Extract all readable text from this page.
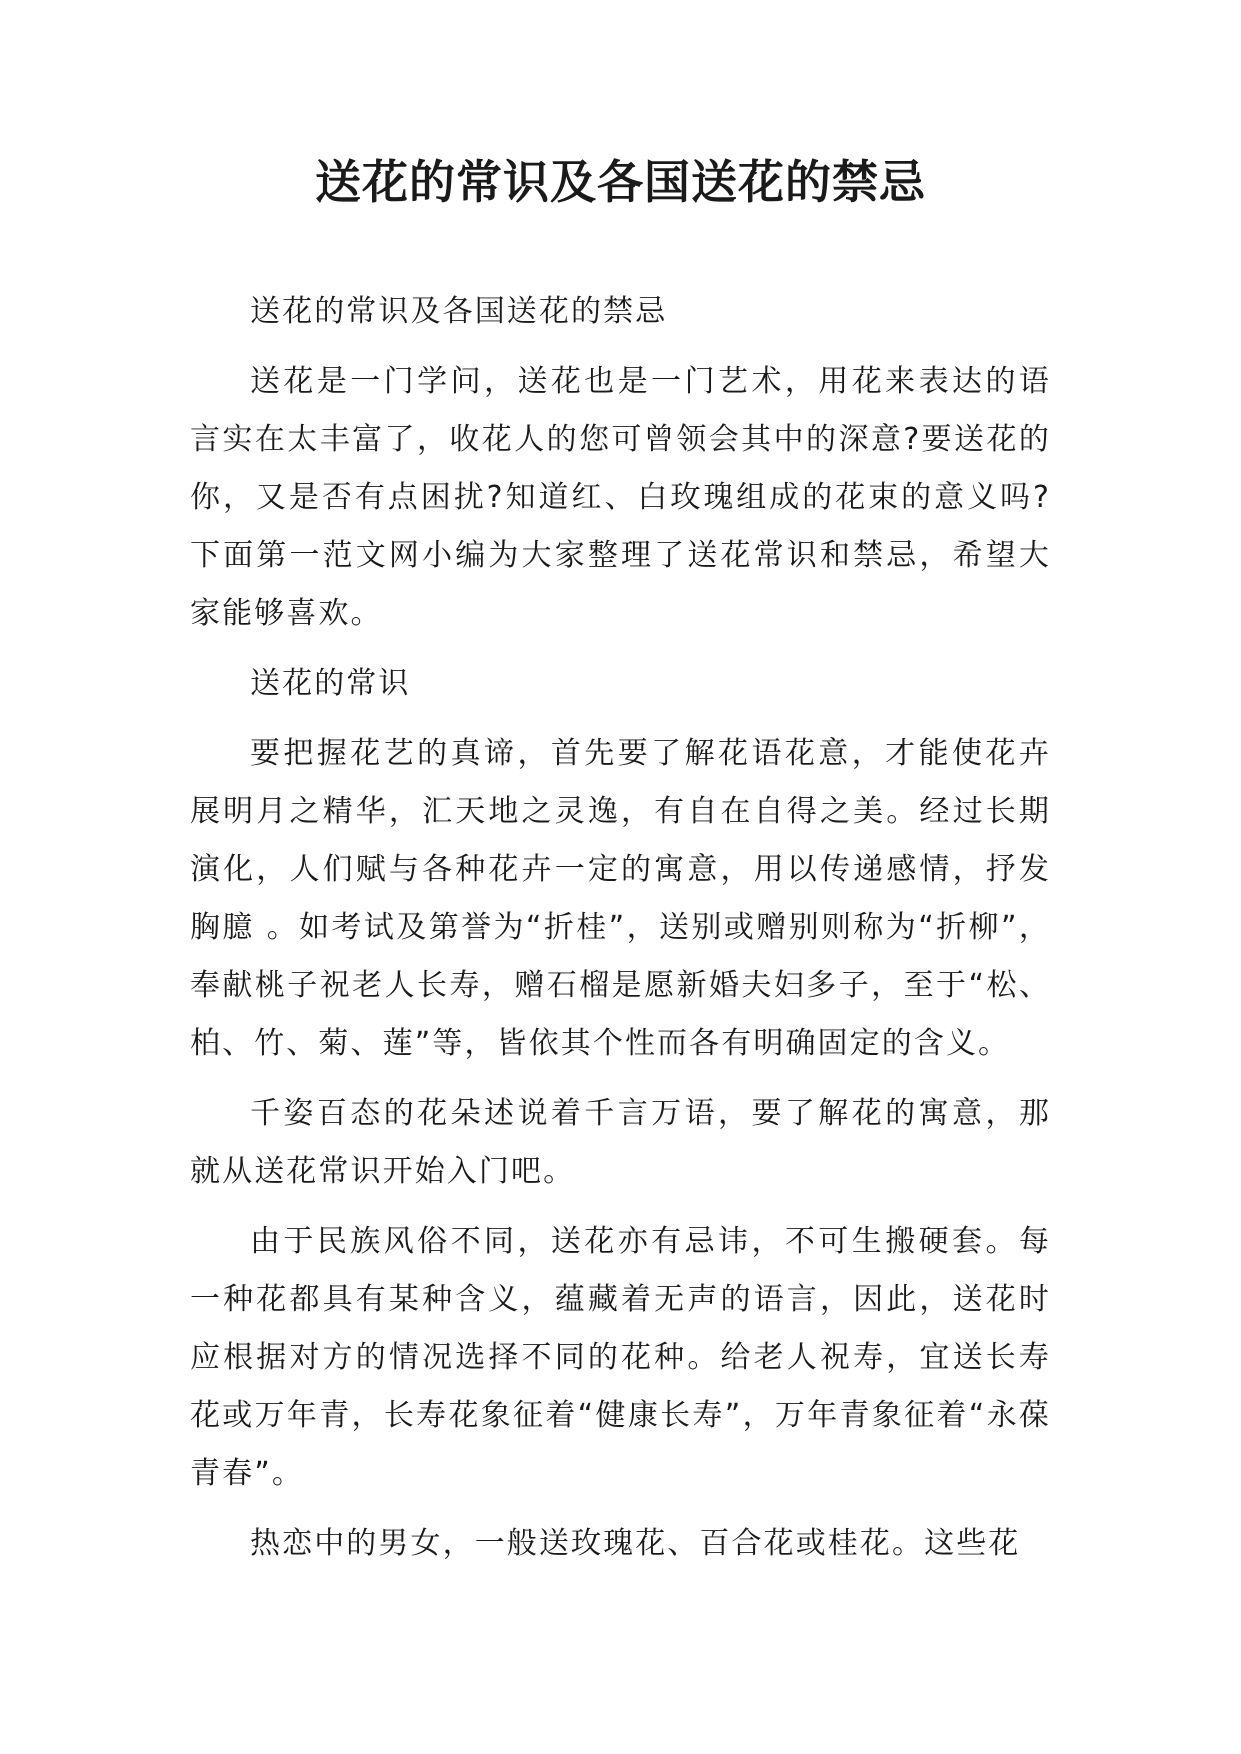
送花的常识及各国送花的禁忌

送花的常识及各国送花的禁忌

送花是一门学问，送花也是一门艺术，用花来表达的语言实在太丰富了，收花人的您可曾领会其中的深意?要送花的你，又是否有点困扰?知道红、白玫瑰组成的花束的意义吗?下面第一范文网小编为大家整理了送花常识和禁忌，希望大家能够喜欢。

送花的常识

要把握花艺的真谛，首先要了解花语花意，才能使花卉展明月之精华，汇天地之灵逸，有自在自得之美。经过长期演化，人们赋与各种花卉一定的寓意，用以传递感情，抒发胸臆 。如考试及第誉为“折桂”，送别或赠别则称为“折柳”，奉献桃子祝老人长寿，赠石榴是愿新婚夫妇多子，至于“松、柏、竹、菊、莲”等，皆依其个性而各有明确固定的含义。

千姿百态的花朵述说着千言万语，要了解花的寓意，那就从送花常识开始入门吧。

由于民族风俗不同，送花亦有忌讳，不可生搬硬套。每一种花都具有某种含义，蕴藏着无声的语言，因此，送花时应根据对方的情况选择不同的花种。给老人祝寿，宜送长寿花或万年青，长寿花象征着“健康长寿”，万年青象征着“永葆青春”。

热恋中的男女，一般送玫瑰花、百合花或桂花。这些花
